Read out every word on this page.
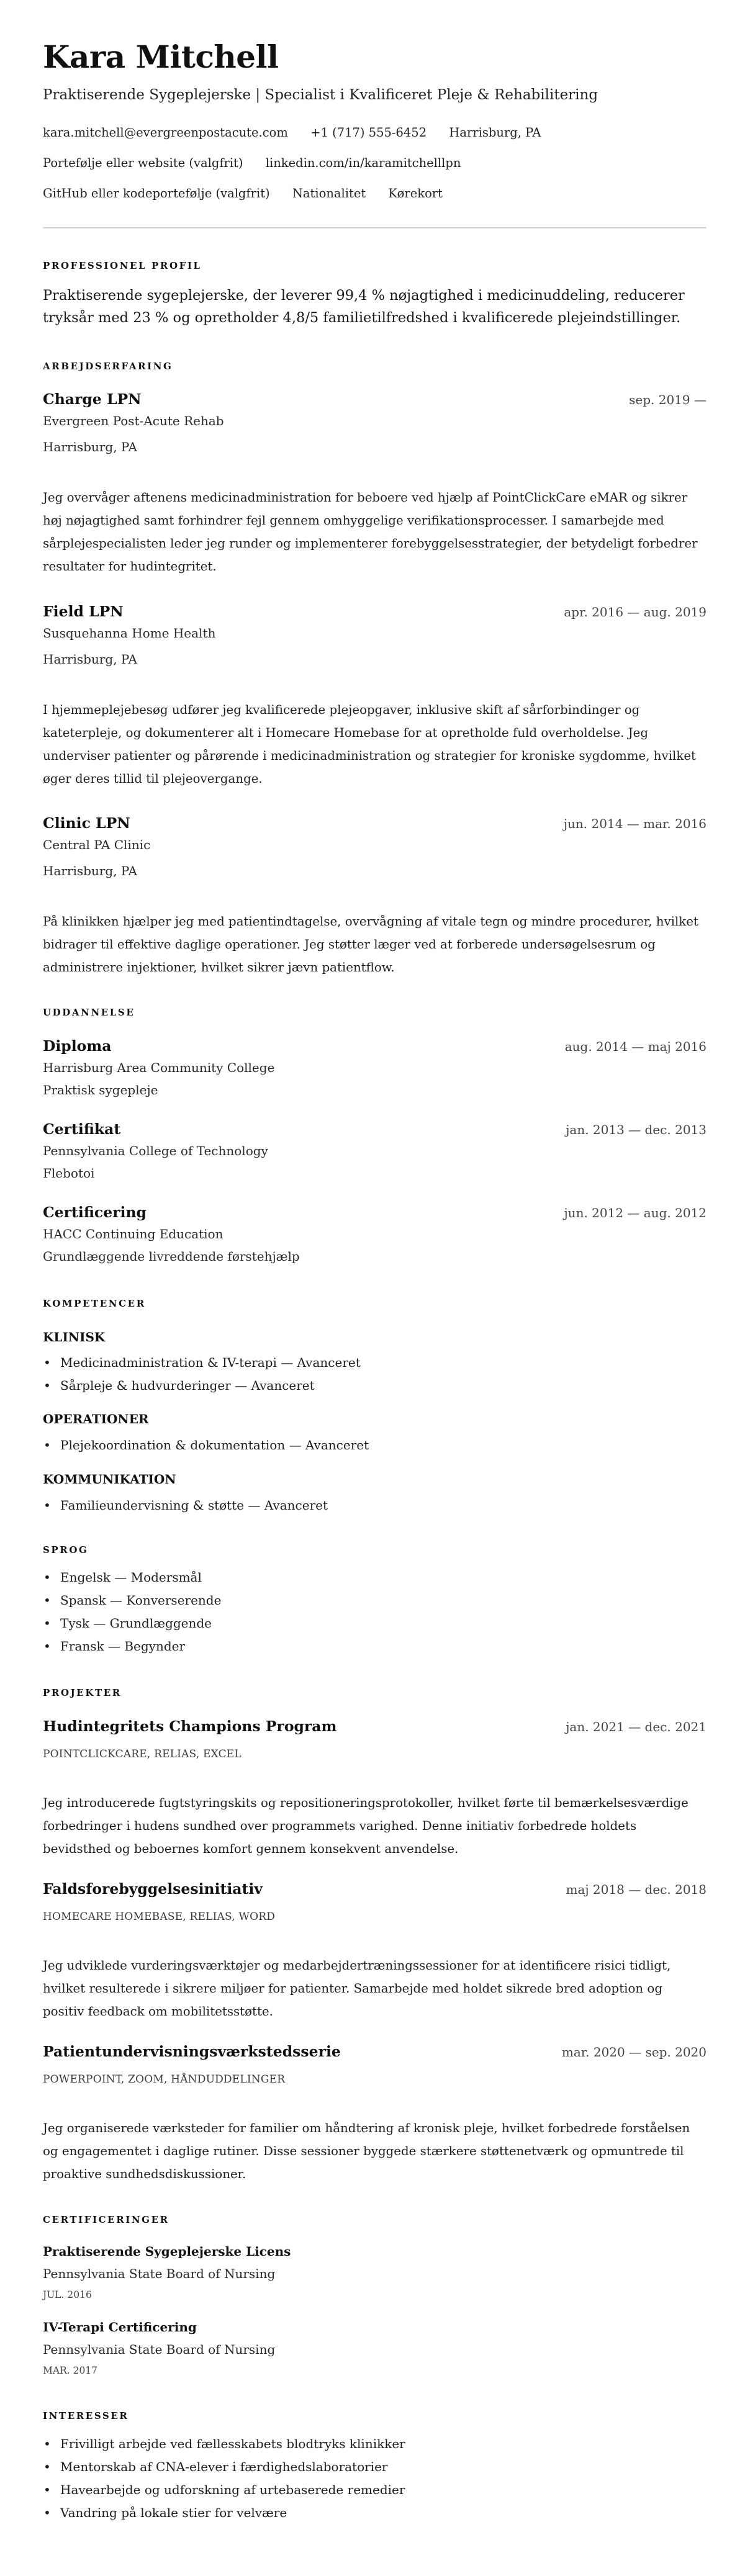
Kara Mitchell
Praktiserende Sygeplejerske | Specialist i Kvalificeret Pleje & Rehabilitering
kara.mitchell@evergreenpostacute.com +1 (717) 555-6452 Harrisburg, PA
Portefølje eller website (valgfrit) linkedin.com/in/karamitchelllpn
GitHub eller kodeportefølje (valgfrit) Nationalitet Kørekort
PROFESSIONEL PROFIL
Praktiserende sygeplejerske, der leverer 99,4 % nøjagtighed i medicinuddeling, reducerer tryksår med 23 % og opretholder 4,8/5 familietilfredshed i kvalificerede plejeindstillinger.
ARBEJDSERFARING
Charge LPN	sep. 2019 —
Evergreen Post-Acute Rehab
Harrisburg, PA
Jeg overvåger aftenens medicinadministration for beboere ved hjælp af PointClickCare eMAR og sikrer høj nøjagtighed samt forhindrer fejl gennem omhyggelige verifikationsprocesser. I samarbejde med sårplejespecialisten leder jeg runder og implementerer forebyggelsesstrategier, der betydeligt forbedrer resultater for hudintegritet.
Field LPN	apr. 2016 — aug. 2019
Susquehanna Home Health
Harrisburg, PA
I hjemmeplejebesøg udfører jeg kvalificerede plejeopgaver, inklusive skift af sårforbindinger og kateterpleje, og dokumenterer alt i Homecare Homebase for at opretholde fuld overholdelse. Jeg underviser patienter og pårørende i medicinadministration og strategier for kroniske sygdomme, hvilket øger deres tillid til plejeovergange.
Clinic LPN	jun. 2014 — mar. 2016
Central PA Clinic
Harrisburg, PA
På klinikken hjælper jeg med patientindtagelse, overvågning af vitale tegn og mindre procedurer, hvilket bidrager til effektive daglige operationer. Jeg støtter læger ved at forberede undersøgelsesrum og administrere injektioner, hvilket sikrer jævn patientflow.
UDDANNELSE
Diploma	aug. 2014 — maj 2016
Harrisburg Area Community College
Praktisk sygepleje
Certifikat	jan. 2013 — dec. 2013
Pennsylvania College of Technology
Flebotoi
Certificering	jun. 2012 — aug. 2012
HACC Continuing Education
Grundlæggende livreddende førstehjælp
KOMPETENCER
KLINISK
• Medicinadministration & IV-terapi — Avanceret
• Sårpleje & hudvurderinger — Avanceret
OPERATIONER
• Plejekoordination & dokumentation — Avanceret
KOMMUNIKATION
• Familieundervisning & støtte — Avanceret
SPROG
• Engelsk — Modersmål
• Spansk — Konverserende
• Tysk — Grundlæggende
• Fransk — Begynder
PROJEKTER
Hudintegritets Champions Program	jan. 2021 — dec. 2021
POINTCLICKCARE, RELIAS, EXCEL
Jeg introducerede fugtstyringskits og repositioneringsprotokoller, hvilket førte til bemærkelsesværdige forbedringer i hudens sundhed over programmets varighed. Denne initiativ forbedrede holdets bevidsthed og beboernes komfort gennem konsekvent anvendelse.
Faldsforebyggelsesinitiativ	maj 2018 — dec. 2018
HOMECARE HOMEBASE, RELIAS, WORD
Jeg udviklede vurderingsværktøjer og medarbejdertræningssessioner for at identificere risici tidligt, hvilket resulterede i sikrere miljøer for patienter. Samarbejde med holdet sikrede bred adoption og positiv feedback om mobilitetsstøtte.
Patientundervisningsværkstedsserie	mar. 2020 — sep. 2020
POWERPOINT, ZOOM, HÅNDUDDELINGER
Jeg organiserede værksteder for familier om håndtering af kronisk pleje, hvilket forbedrede forståelsen og engagementet i daglige rutiner. Disse sessioner byggede stærkere støttenetværk og opmuntrede til proaktive sundhedsdiskussioner.
CERTIFICERINGER
Praktiserende Sygeplejerske Licens
Pennsylvania State Board of Nursing
JUL. 2016
IV-Terapi Certificering
Pennsylvania State Board of Nursing
MAR. 2017
INTERESSER
• Frivilligt arbejde ved fællesskabets blodtryks klinikker
• Mentorskab af CNA-elever i færdighedslaboratorier
• Havearbejde og udforskning af urtebaserede remedier
• Vandring på lokale stier for velvære
